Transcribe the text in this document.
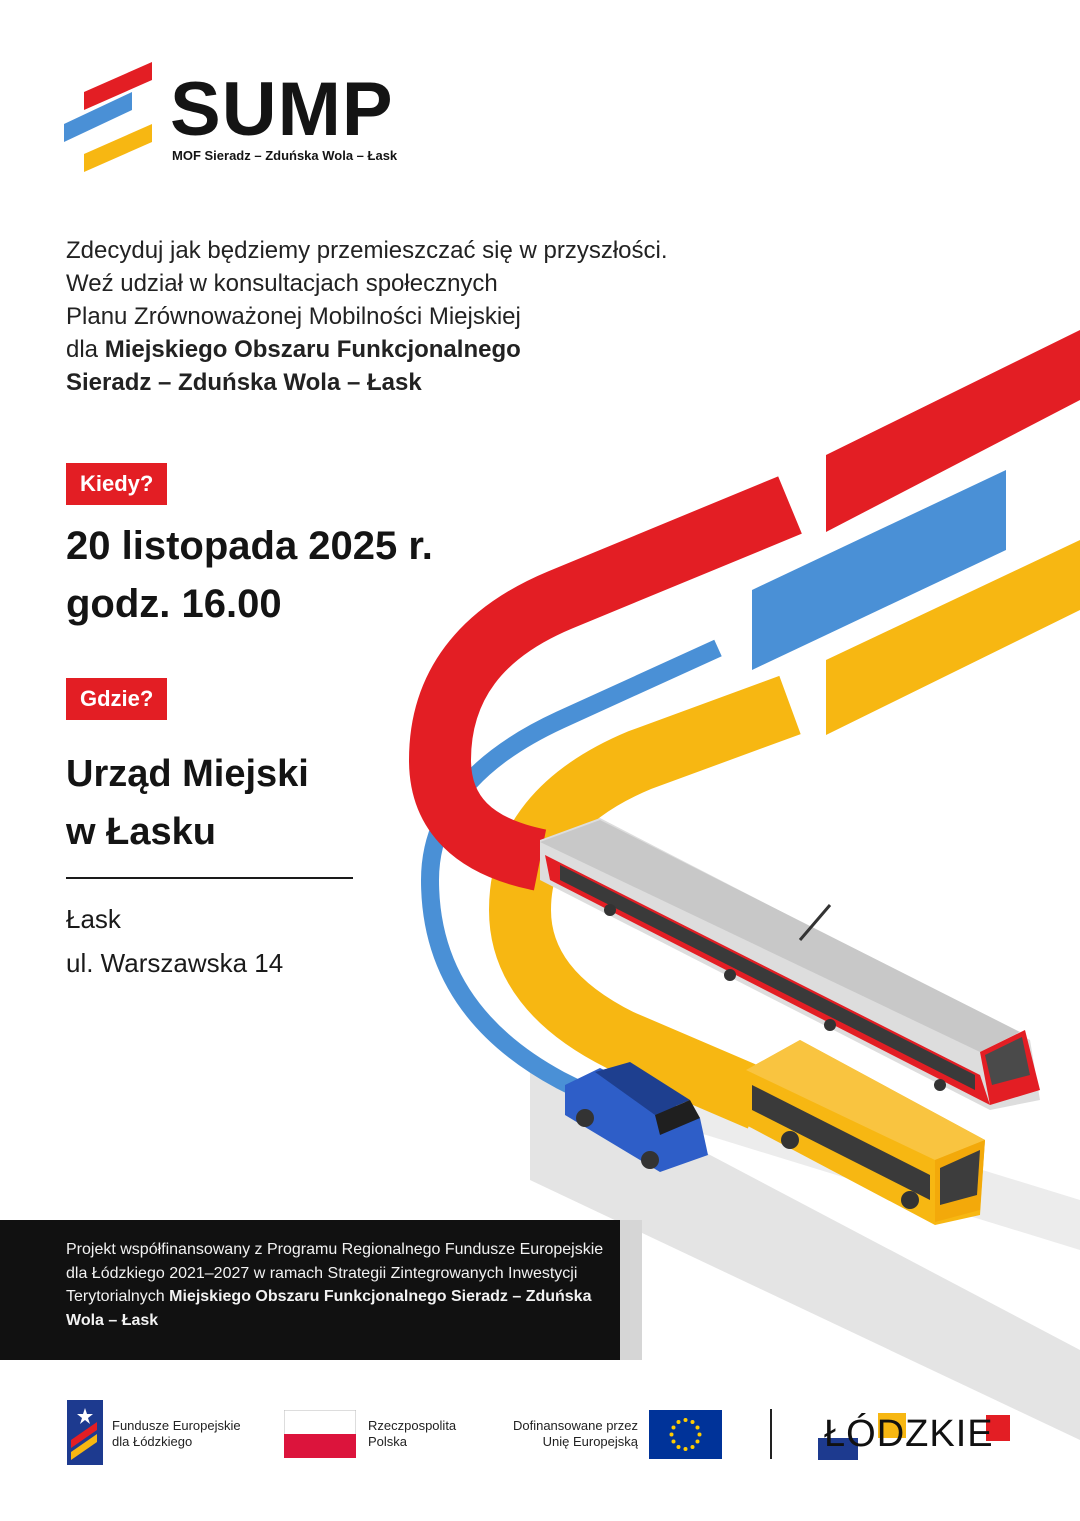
SUMP
MOF Sieradz – Zduńska Wola – Łask
Zdecyduj jak będziemy przemieszczać się w przyszłości.
Weź udział w konsultacjach społecznych
Planu Zrównoważonej Mobilności Miejskiej
dla Miejskiego Obszaru Funkcjonalnego
Sieradz – Zduńska Wola – Łask
Kiedy?
20 listopada 2025 r.
godz. 16.00
Gdzie?
Urząd Miejski
w Łasku
Łask
ul. Warszawska 14
Projekt współfinansowany z Programu Regionalnego Fundusze Europejskie dla Łódzkiego 2021–2027 w ramach Strategii Zintegrowanych Inwestycji Terytorialnych Miejskiego Obszaru Funkcjonalnego Sieradz – Zduńska Wola – Łask
Fundusze Europejskie
dla Łódzkiego
Rzeczpospolita
Polska
Dofinansowane przez
Unię Europejską	ŁÓDZKIE
